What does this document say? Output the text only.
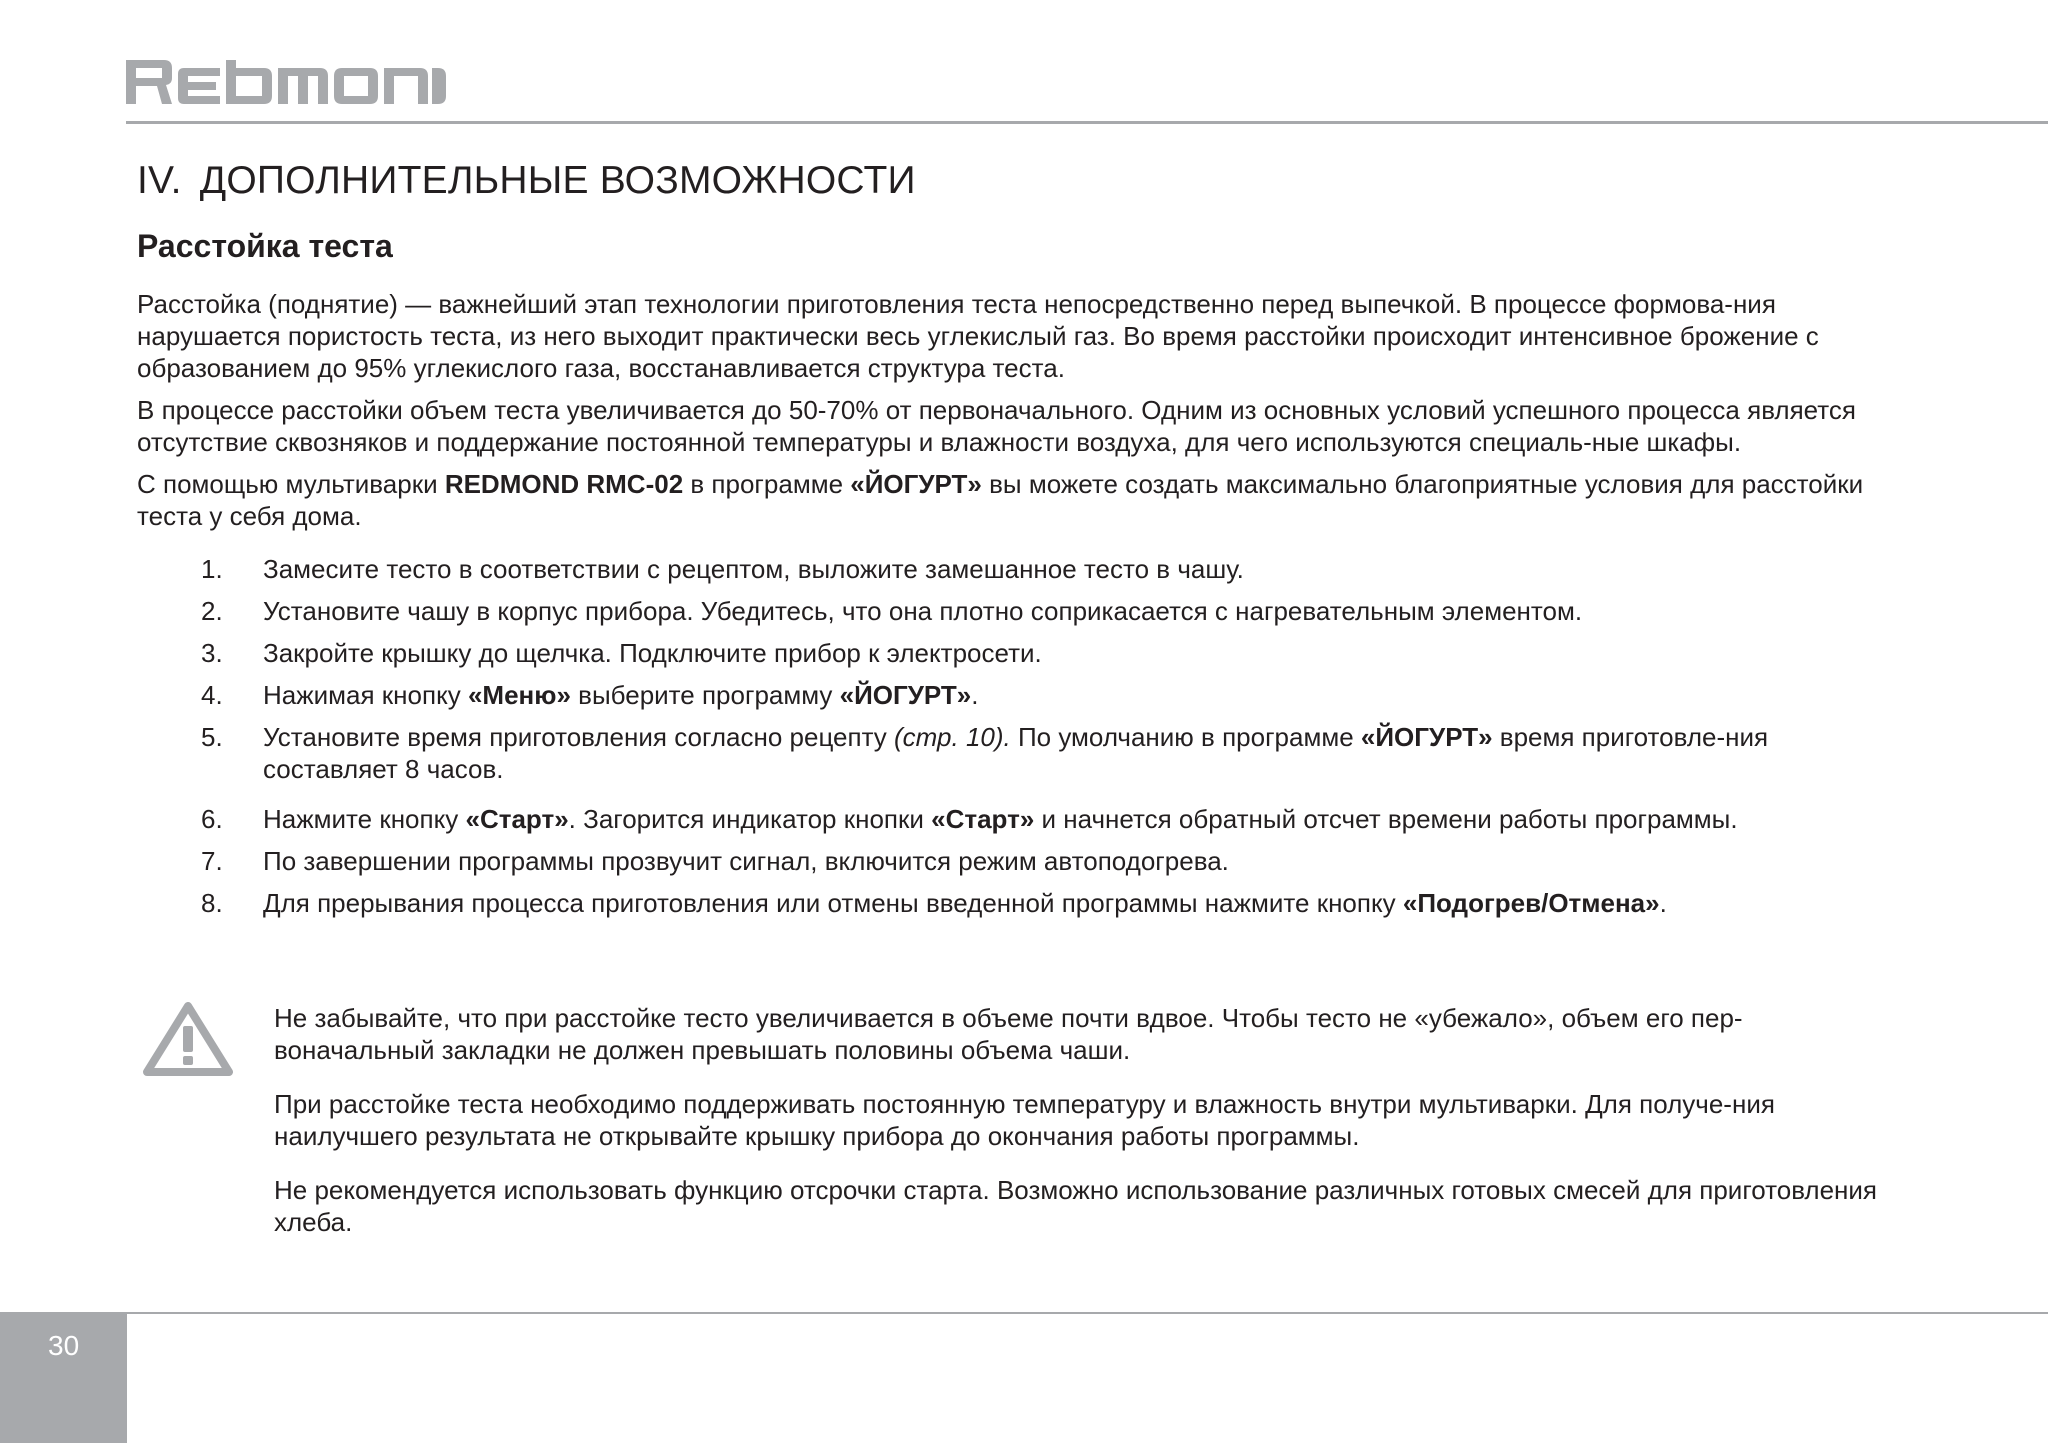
IV. ДОПОЛНИТЕЛЬНЫЕ ВОЗМОЖНОСТИ
Расстойка теста

Расстойка (поднятие) — важнейший этап технологии приготовления теста непосредственно перед выпечкой. В процессе формова-ния нарушается пористость теста, из него выходит практически весь углекислый газ. Во время расстойки происходит интенсивное брожение с образованием до 95% углекислого газа, восстанавливается структура теста.

В процессе расстойки объем теста увеличивается до 50-70% от первоначального. Одним из основных условий успешного процесса является отсутствие сквозняков и поддержание постоянной температуры и влажности воздуха, для чего используются специаль-ные шкафы.

С помощью мультиварки REDMOND RMC-02 в программе «ЙОГУРТ» вы можете создать максимально благоприятные условия для расстойки теста у себя дома.

1.	Замесите тесто в соответствии с рецептом, выложите замешанное тесто в чашу.
2.	Установите чашу в корпус прибора. Убедитесь, что она плотно соприкасается с нагревательным элементом.
3.	Закройте крышку до щелчка. Подключите прибор к электросети.
4.	Нажимая кнопку «Меню» выберите программу «ЙОГУРТ».
5.	Установите время приготовления согласно рецепту (стр. 10). По умолчанию в программе «ЙОГУРТ» время приготовле-ния составляет 8 часов.
6.	Нажмите кнопку «Старт». Загорится индикатор кнопки «Старт» и начнется обратный отсчет времени работы программы.
7.	По завершении программы прозвучит сигнал, включится режим автоподогрева.
8.	Для прерывания процесса приготовления или отмены введенной программы нажмите кнопку «Подогрев/Отмена».

Не забывайте, что при расстойке тесто увеличивается в объеме почти вдвое. Чтобы тесто не «убежало», объем его пер-воначальный закладки не должен превышать половины объема чаши.

При расстойке теста необходимо поддерживать постоянную температуру и влажность внутри мультиварки. Для получе-ния наилучшего результата не открывайте крышку прибора до окончания работы программы.

Не рекомендуется использовать функцию отсрочки старта. Возможно использование различных готовых смесей для приготовления хлеба.

30
